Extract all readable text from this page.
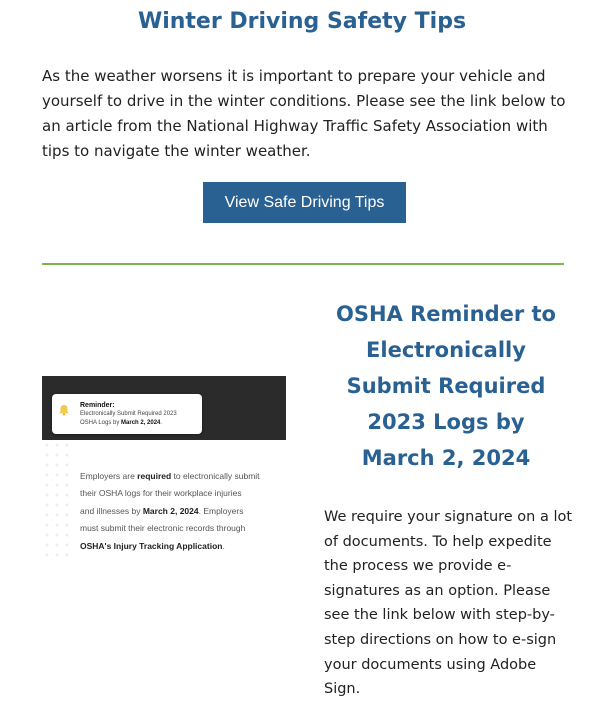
Winter Driving Safety Tips

As the weather worsens it is important to prepare your vehicle and yourself to drive in the winter conditions. Please see the link below to an article from the National Highway Traffic Safety Association with tips to navigate the winter weather.

View Safe Driving Tips
Reminder:
Electronically Submit Required 2023
OSHA Logs by March 2, 2024.
Employers are required to electronically submit
their OSHA logs for their workplace injuries
and illnesses by March 2, 2024. Employers
must submit their electronic records through
OSHA's Injury Tracking Application.
OSHA Reminder to
Electronically
Submit Required
2023 Logs by
March 2, 2024
We require your signature on a lot
of documents. To help expedite
the process we provide e-
signatures as an option. Please
see the link below with step-by-
step directions on how to e-sign
your documents using Adobe
Sign.
